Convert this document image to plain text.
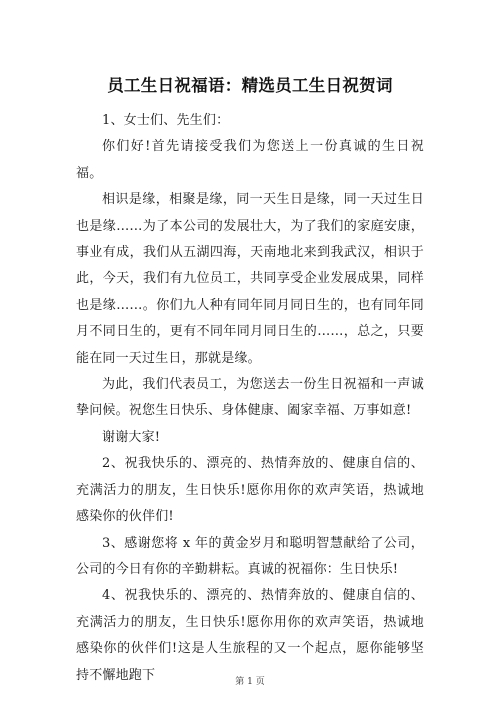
员工生日祝福语：精选员工生日祝贺词

1、女士们、先生们：

你们好!首先请接受我们为您送上一份真诚的生日祝福。

相识是缘，相聚是缘，同一天生日是缘，同一天过生日也是缘……为了本公司的发展壮大，为了我们的家庭安康，事业有成，我们从五湖四海，天南地北来到我武汉，相识于此，今天，我们有九位员工，共同享受企业发展成果，同样也是缘……。你们九人种有同年同月同日生的，也有同年同月不同日生的，更有不同年同月同日生的……，总之，只要能在同一天过生日，那就是缘。

为此，我们代表员工，为您送去一份生日祝福和一声诚挚问候。祝您生日快乐、身体健康、阖家幸福、万事如意!

谢谢大家!

2、祝我快乐的、漂亮的、热情奔放的、健康自信的、充满活力的朋友，生日快乐!愿你用你的欢声笑语，热诚地感染你的伙伴们!

3、感谢您将 x 年的黄金岁月和聪明智慧献给了公司，公司的今日有你的辛勤耕耘。真诚的祝福你：生日快乐!

4、祝我快乐的、漂亮的、热情奔放的、健康自信的、充满活力的朋友，生日快乐!愿你用你的欢声笑语，热诚地感染你的伙伴们!这是人生旅程的又一个起点，愿你能够坚持不懈地跑下	第 1 页
